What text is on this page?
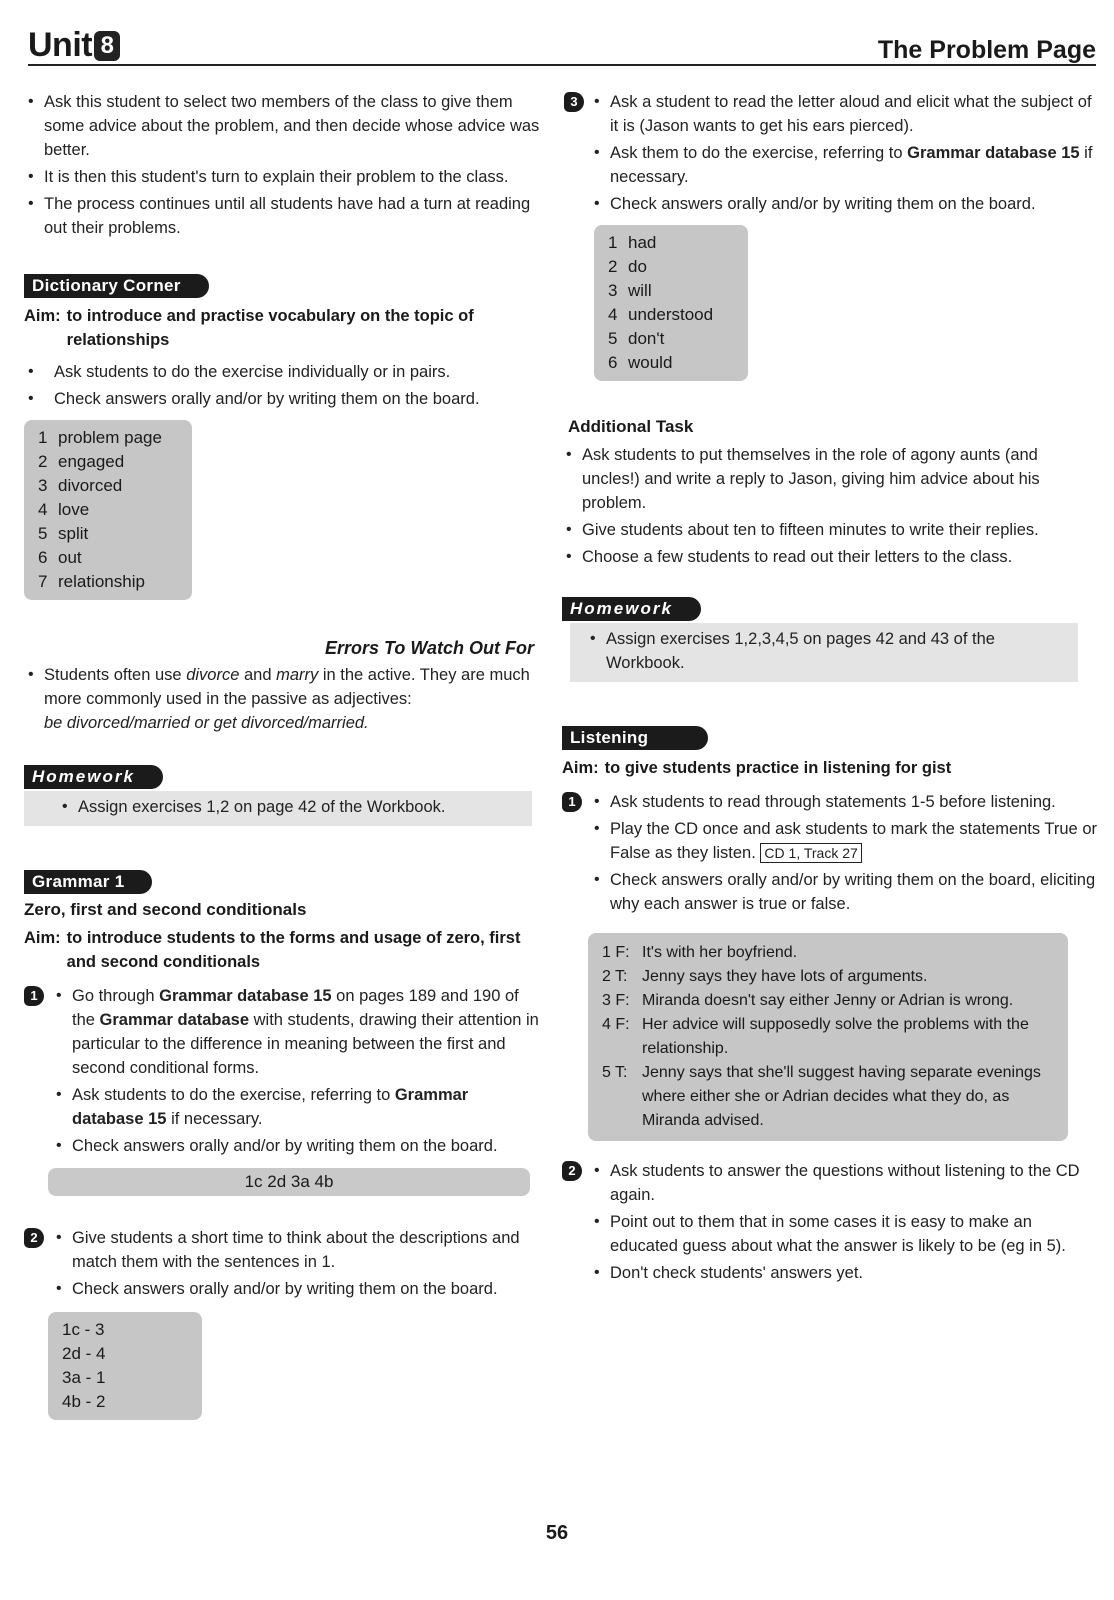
Unit 8	The Problem Page
• Ask this student to select two members of the class to give them some advice about the problem, and then decide whose advice was better.
• It is then this student's turn to explain their problem to the class.
• The process continues until all students have had a turn at reading out their problems.
Dictionary Corner
Aim: to introduce and practise vocabulary on the topic of relationships
• Ask students to do the exercise individually or in pairs.
• Check answers orally and/or by writing them on the board.
1 problem page
2 engaged
3 divorced
4 love
5 split
6 out
7 relationship
Errors To Watch Out For
• Students often use divorce and marry in the active. They are much more commonly used in the passive as adjectives:
be divorced/married or get divorced/married.
Homework
• Assign exercises 1,2 on page 42 of the Workbook.
Grammar 1
Zero, first and second conditionals
Aim: to introduce students to the forms and usage of zero, first and second conditionals
1	• Go through Grammar database 15 on pages 189 and 190 of the Grammar database with students, drawing their attention in particular to the difference in meaning between the first and second conditional forms.
• Ask students to do the exercise, referring to Grammar database 15 if necessary.
• Check answers orally and/or by writing them on the board.
1c 2d 3a 4b
2	• Give students a short time to think about the descriptions and match them with the sentences in 1.
• Check answers orally and/or by writing them on the board.
1c - 3
2d - 4
3a - 1
4b - 2
3	• Ask a student to read the letter aloud and elicit what the subject of it is (Jason wants to get his ears pierced).
• Ask them to do the exercise, referring to Grammar database 15 if necessary.
• Check answers orally and/or by writing them on the board.
1 had
2 do
3 will
4 understood
5 don't
6 would
Additional Task
• Ask students to put themselves in the role of agony aunts (and uncles!) and write a reply to Jason, giving him advice about his problem.
• Give students about ten to fifteen minutes to write their replies.
• Choose a few students to read out their letters to the class.
Homework
• Assign exercises 1,2,3,4,5 on pages 42 and 43 of the Workbook.
Listening
Aim: to give students practice in listening for gist
1	• Ask students to read through statements 1-5 before listening.
• Play the CD once and ask students to mark the statements True or False as they listen. CD 1, Track 27
• Check answers orally and/or by writing them on the board, eliciting why each answer is true or false.
1 F: It's with her boyfriend.
2 T: Jenny says they have lots of arguments.
3 F: Miranda doesn't say either Jenny or Adrian is wrong.
4 F: Her advice will supposedly solve the problems with the relationship.
5 T: Jenny says that she'll suggest having separate evenings where either she or Adrian decides what they do, as Miranda advised.
2	• Ask students to answer the questions without listening to the CD again.
• Point out to them that in some cases it is easy to make an educated guess about what the answer is likely to be (eg in 5).
• Don't check students' answers yet.
56
